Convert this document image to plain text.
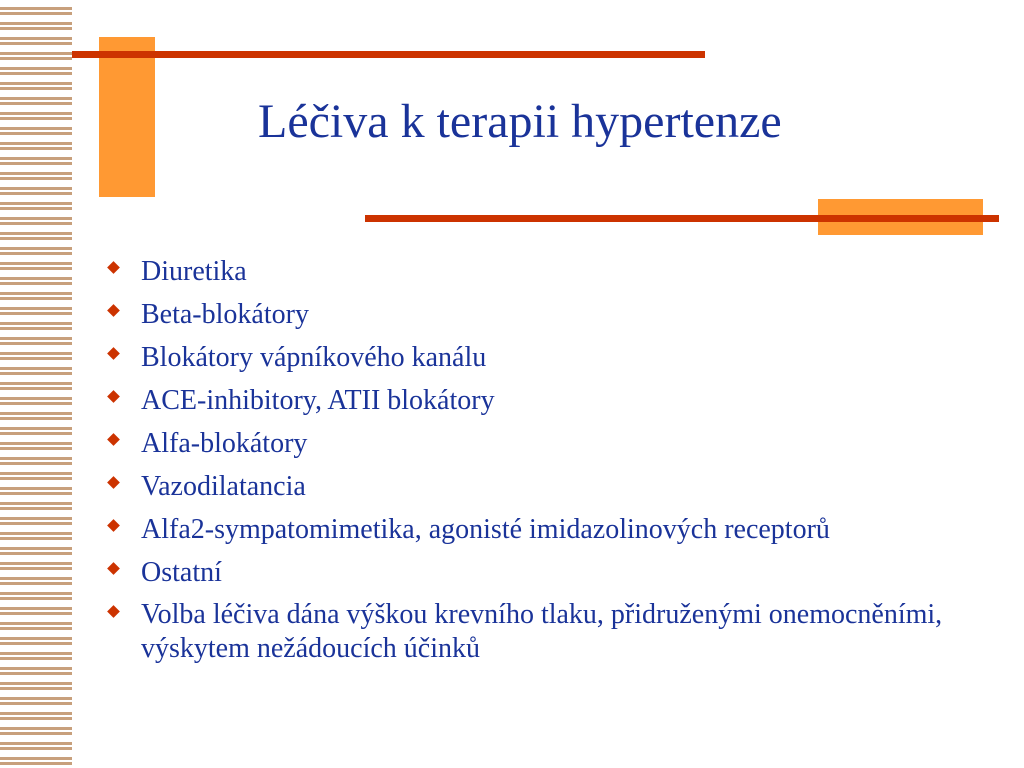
Léčiva k terapii hypertenze
Diuretika
Beta-blokátory
Blokátory vápníkového kanálu
ACE-inhibitory, ATII blokátory
Alfa-blokátory
Vazodilatancia
Alfa2-sympatomimetika, agonisté imidazolinových receptorů
Ostatní
Volba léčiva dána výškou krevního tlaku, přidruženými onemocněními, výskytem nežádoucích účinků
